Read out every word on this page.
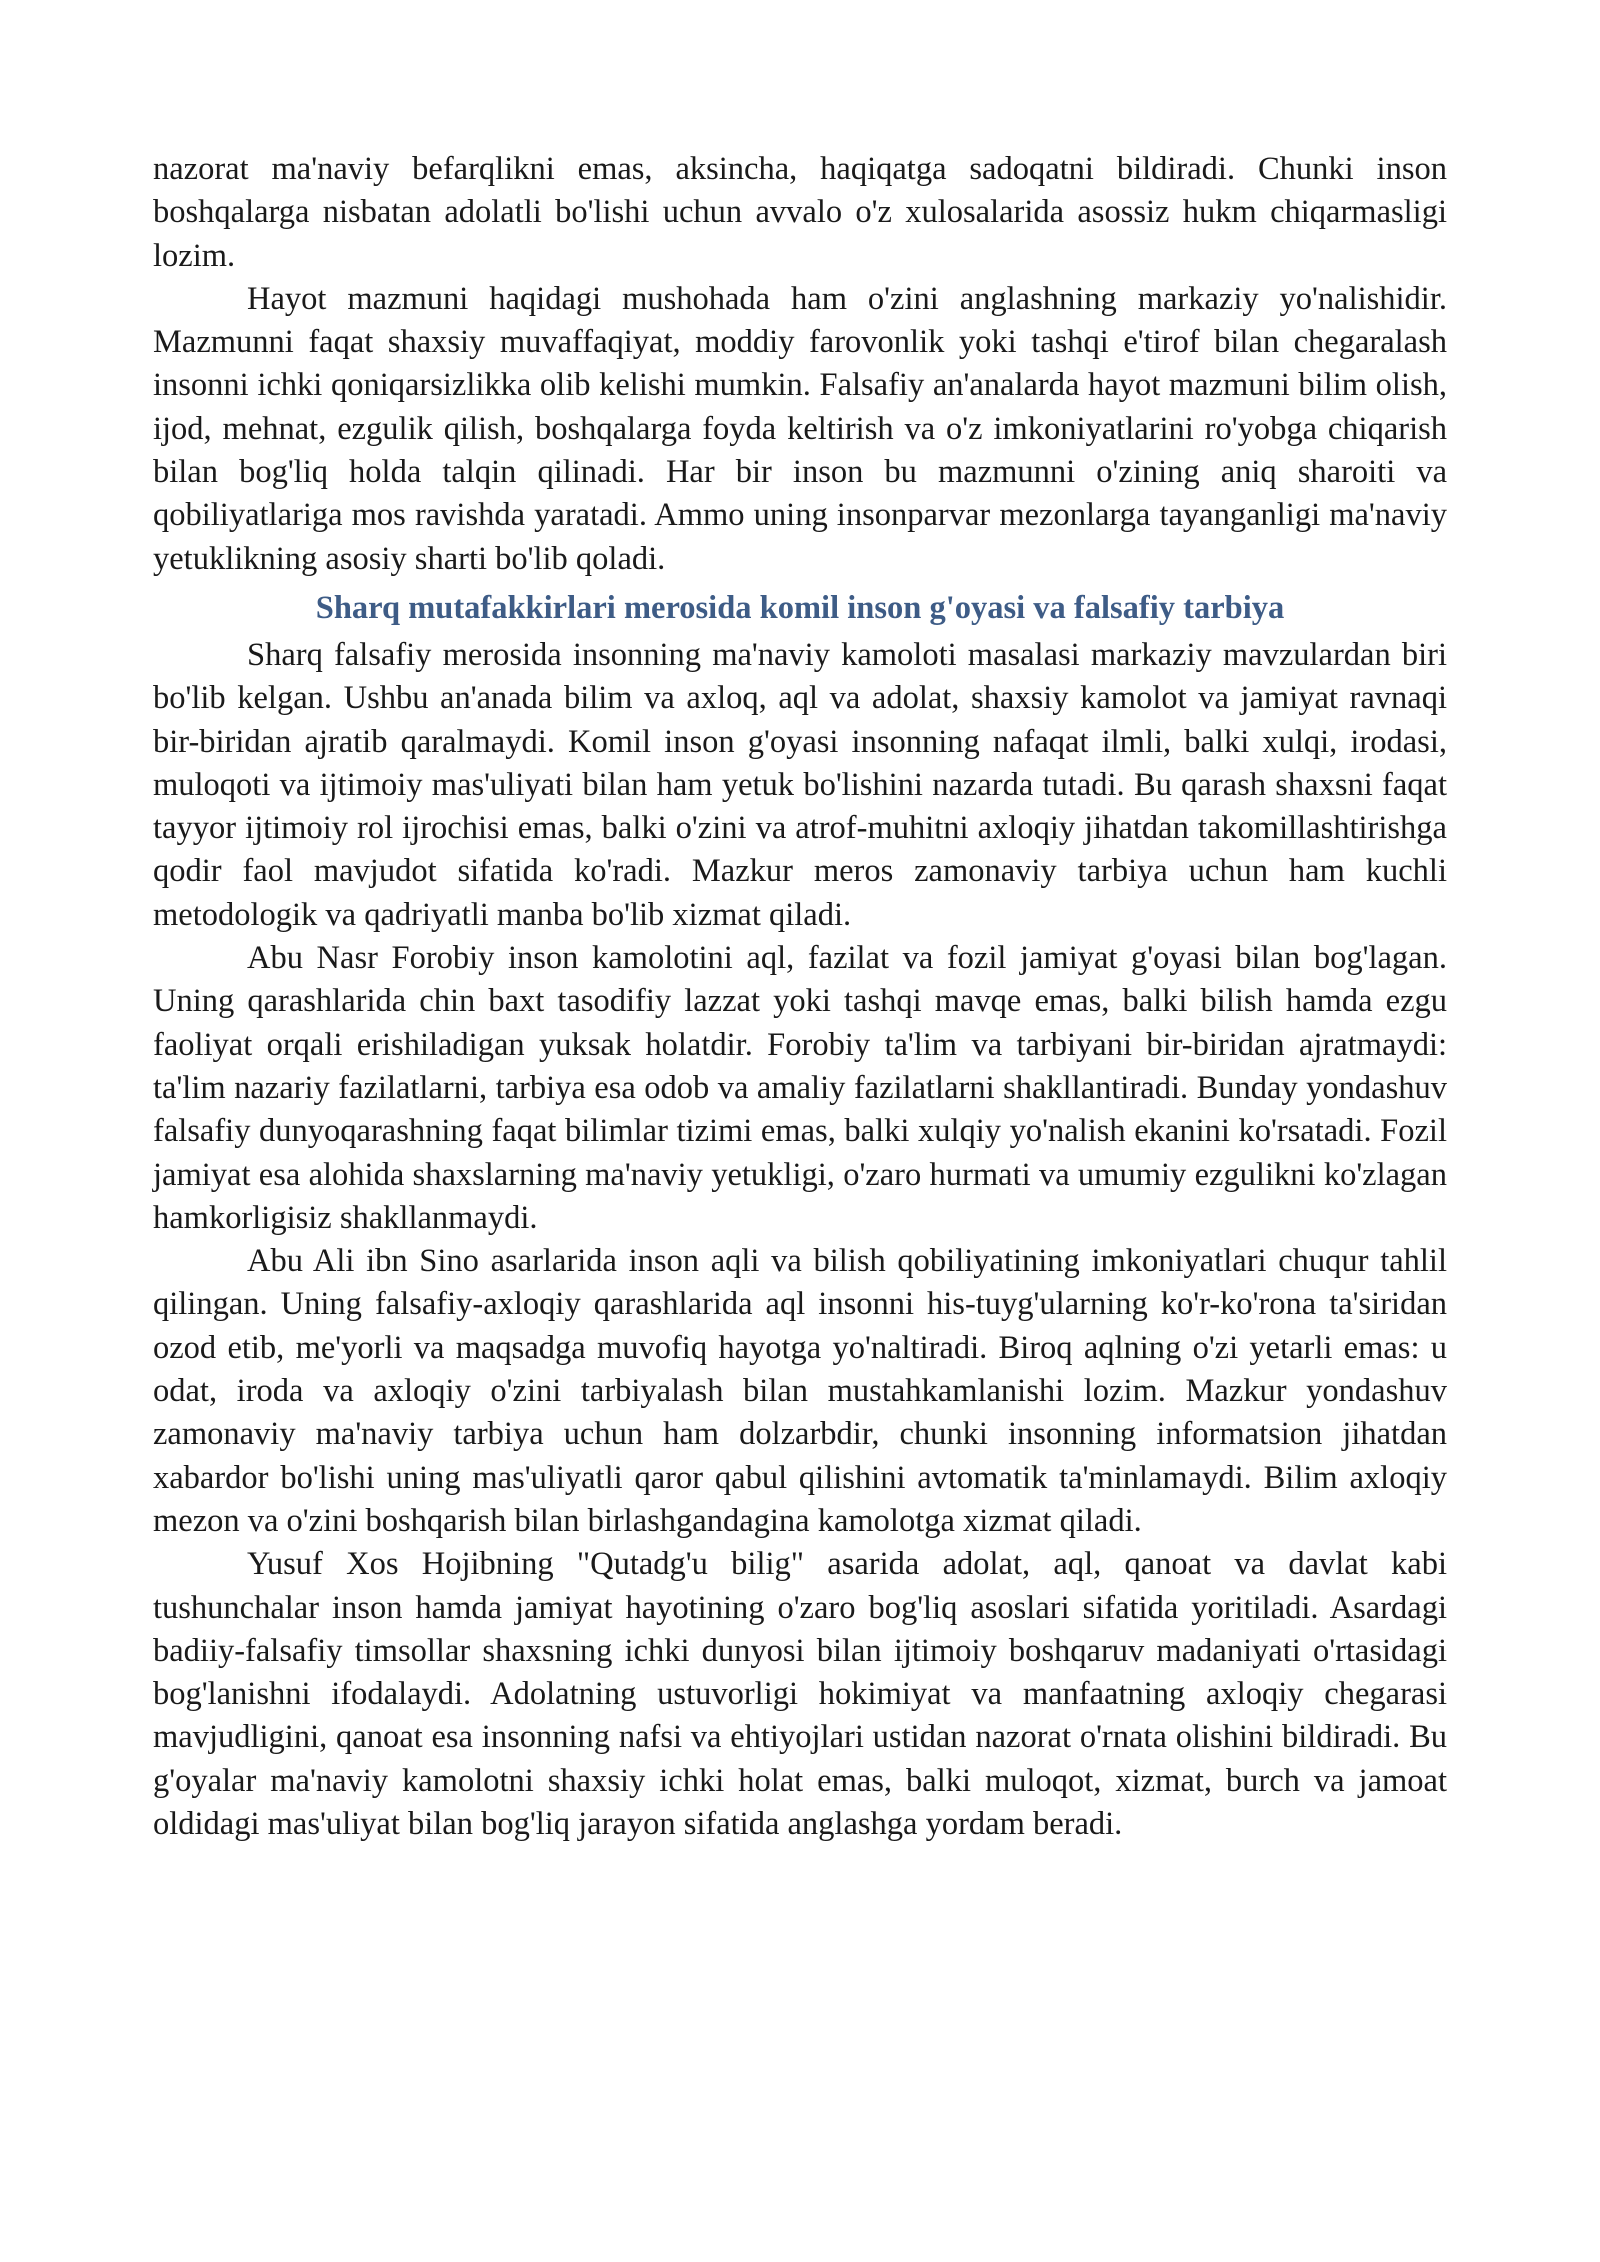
nazorat ma'naviy befarqlikni emas, aksincha, haqiqatga sadoqatni bildiradi. Chunki inson boshqalarga nisbatan adolatli bo'lishi uchun avvalo o'z xulosalarida asossiz hukm chiqarmasligi lozim.

Hayot mazmuni haqidagi mushohada ham o'zini anglashning markaziy yo'nalishidir. Mazmunni faqat shaxsiy muvaffaqiyat, moddiy farovonlik yoki tashqi e'tirof bilan chegaralash insonni ichki qoniqarsizlikka olib kelishi mumkin. Falsafiy an'analarda hayot mazmuni bilim olish, ijod, mehnat, ezgulik qilish, boshqalarga foyda keltirish va o'z imkoniyatlarini ro'yobga chiqarish bilan bog'liq holda talqin qilinadi. Har bir inson bu mazmunni o'zining aniq sharoiti va qobiliyatlariga mos ravishda yaratadi. Ammo uning insonparvar mezonlarga tayanganligi ma'naviy yetuklikning asosiy sharti bo'lib qoladi.

Sharq mutafakkirlari merosida komil inson g'oyasi va falsafiy tarbiya

Sharq falsafiy merosida insonning ma'naviy kamoloti masalasi markaziy mavzulardan biri bo'lib kelgan. Ushbu an'anada bilim va axloq, aql va adolat, shaxsiy kamolot va jamiyat ravnaqi bir-biridan ajratib qaralmaydi. Komil inson g'oyasi insonning nafaqat ilmli, balki xulqi, irodasi, muloqoti va ijtimoiy mas'uliyati bilan ham yetuk bo'lishini nazarda tutadi. Bu qarash shaxsni faqat tayyor ijtimoiy rol ijrochisi emas, balki o'zini va atrof-muhitni axloqiy jihatdan takomillashtirishga qodir faol mavjudot sifatida ko'radi. Mazkur meros zamonaviy tarbiya uchun ham kuchli metodologik va qadriyatli manba bo'lib xizmat qiladi.

Abu Nasr Forobiy inson kamolotini aql, fazilat va fozil jamiyat g'oyasi bilan bog'lagan. Uning qarashlarida chin baxt tasodifiy lazzat yoki tashqi mavqe emas, balki bilish hamda ezgu faoliyat orqali erishiladigan yuksak holatdir. Forobiy ta'lim va tarbiyani bir-biridan ajratmaydi: ta'lim nazariy fazilatlarni, tarbiya esa odob va amaliy fazilatlarni shakllantiradi. Bunday yondashuv falsafiy dunyoqarashning faqat bilimlar tizimi emas, balki xulqiy yo'nalish ekanini ko'rsatadi. Fozil jamiyat esa alohida shaxslarning ma'naviy yetukligi, o'zaro hurmati va umumiy ezgulikni ko'zlagan hamkorligisiz shakllanmaydi.

Abu Ali ibn Sino asarlarida inson aqli va bilish qobiliyatining imkoniyatlari chuqur tahlil qilingan. Uning falsafiy-axloqiy qarashlarida aql insonni his-tuyg'ularning ko'r-ko'rona ta'siridan ozod etib, me'yorli va maqsadga muvofiq hayotga yo'naltiradi. Biroq aqlning o'zi yetarli emas: u odat, iroda va axloqiy o'zini tarbiyalash bilan mustahkamlanishi lozim. Mazkur yondashuv zamonaviy ma'naviy tarbiya uchun ham dolzarbdir, chunki insonning informatsion jihatdan xabardor bo'lishi uning mas'uliyatli qaror qabul qilishini avtomatik ta'minlamaydi. Bilim axloqiy mezon va o'zini boshqarish bilan birlashgandagina kamolotga xizmat qiladi.

Yusuf Xos Hojibning "Qutadg'u bilig" asarida adolat, aql, qanoat va davlat kabi tushunchalar inson hamda jamiyat hayotining o'zaro bog'liq asoslari sifatida yoritiladi. Asardagi badiiy-falsafiy timsollar shaxsning ichki dunyosi bilan ijtimoiy boshqaruv madaniyati o'rtasidagi bog'lanishni ifodalaydi. Adolatning ustuvorligi hokimiyat va manfaatning axloqiy chegarasi mavjudligini, qanoat esa insonning nafsi va ehtiyojlari ustidan nazorat o'rnata olishini bildiradi. Bu g'oyalar ma'naviy kamolotni shaxsiy ichki holat emas, balki muloqot, xizmat, burch va jamoat oldidagi mas'uliyat bilan bog'liq jarayon sifatida anglashga yordam beradi.
